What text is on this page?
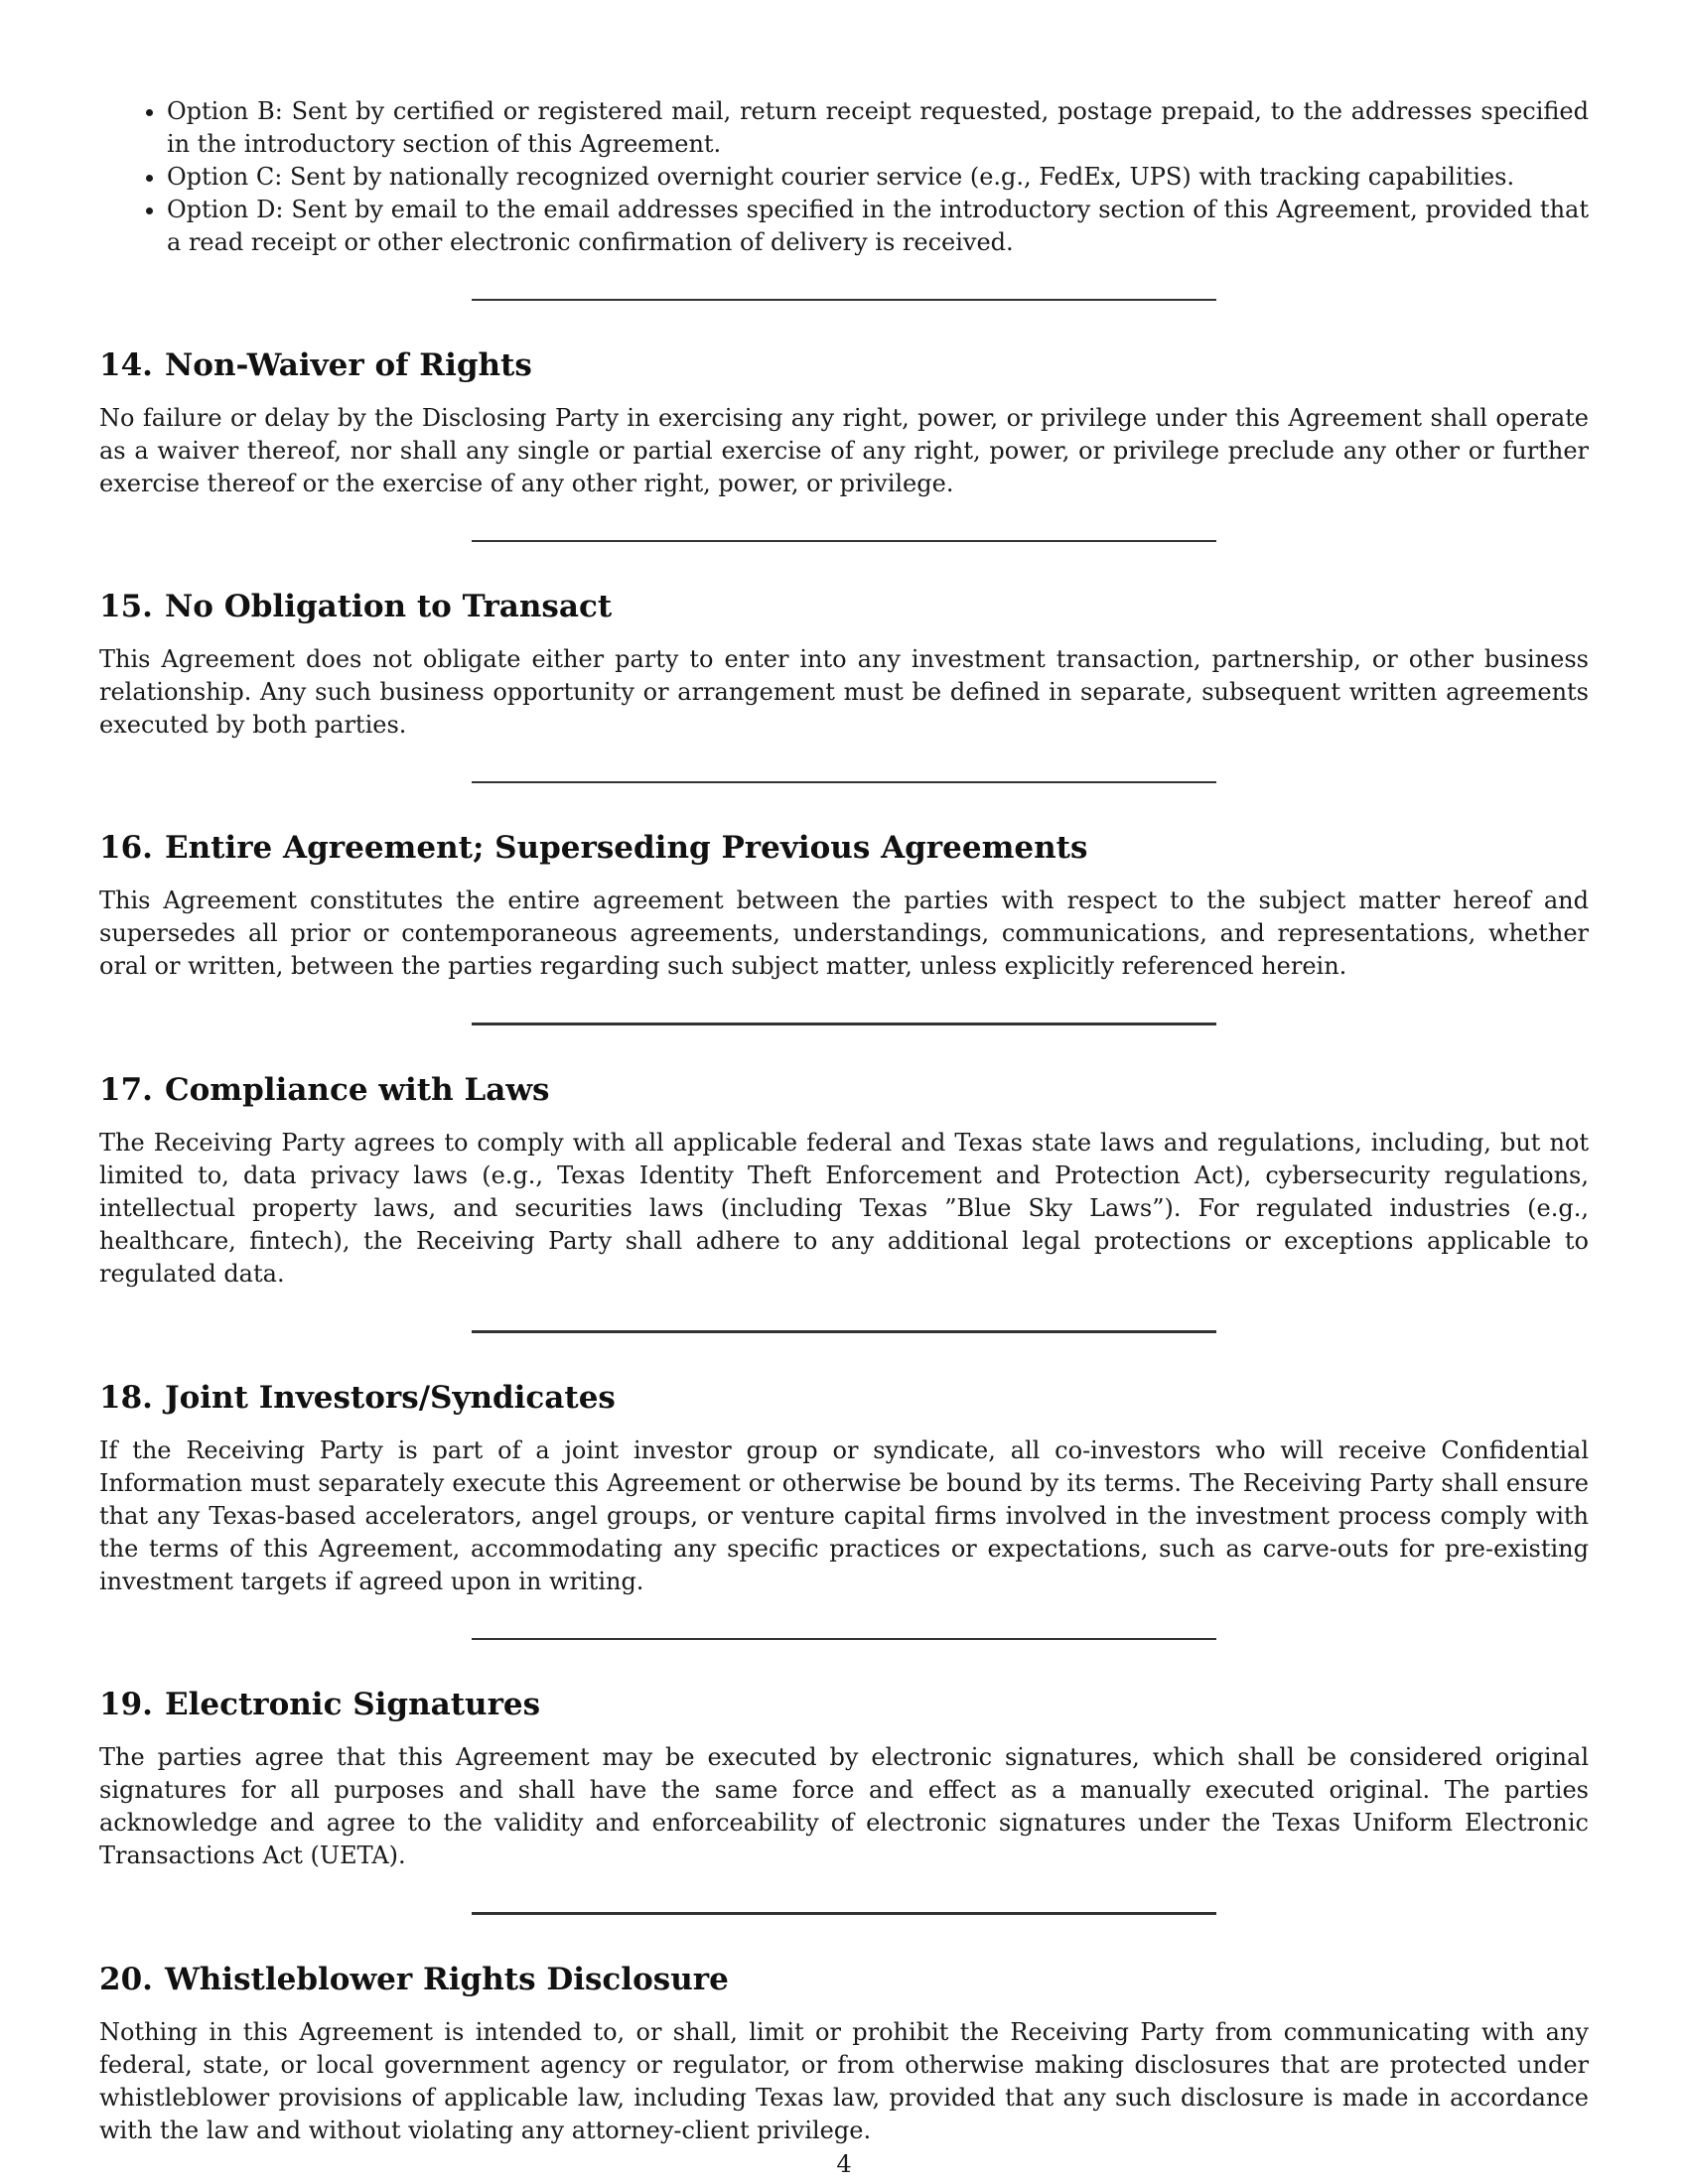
• Option B: Sent by certified or registered mail, return receipt requested, postage prepaid, to the addresses specified in the introductory section of this Agreement.
• Option C: Sent by nationally recognized overnight courier service (e.g., FedEx, UPS) with tracking capabilities.
• Option D: Sent by email to the email addresses specified in the introductory section of this Agreement, provided that a read receipt or other electronic confirmation of delivery is received.
14. Non-Waiver of Rights

No failure or delay by the Disclosing Party in exercising any right, power, or privilege under this Agreement shall operate as a waiver thereof, nor shall any single or partial exercise of any right, power, or privilege preclude any other or further exercise thereof or the exercise of any other right, power, or privilege.

15. No Obligation to Transact

This Agreement does not obligate either party to enter into any investment transaction, partnership, or other business relationship. Any such business opportunity or arrangement must be defined in separate, subsequent written agreements executed by both parties.

16. Entire Agreement; Superseding Previous Agreements

This Agreement constitutes the entire agreement between the parties with respect to the subject matter hereof and supersedes all prior or contemporaneous agreements, understandings, communications, and representations, whether oral or written, between the parties regarding such subject matter, unless explicitly referenced herein.

17. Compliance with Laws

The Receiving Party agrees to comply with all applicable federal and Texas state laws and regulations, including, but not limited to, data privacy laws (e.g., Texas Identity Theft Enforcement and Protection Act), cybersecurity regulations, intellectual property laws, and securities laws (including Texas ”Blue Sky Laws”). For regulated industries (e.g., healthcare, fintech), the Receiving Party shall adhere to any additional legal protections or exceptions applicable to regulated data.

18. Joint Investors/Syndicates

If the Receiving Party is part of a joint investor group or syndicate, all co-investors who will receive Confidential Information must separately execute this Agreement or otherwise be bound by its terms. The Receiving Party shall ensure that any Texas-based accelerators, angel groups, or venture capital firms involved in the investment process comply with the terms of this Agreement, accommodating any specific practices or expectations, such as carve-outs for pre-existing investment targets if agreed upon in writing.

19. Electronic Signatures

The parties agree that this Agreement may be executed by electronic signatures, which shall be considered original signatures for all purposes and shall have the same force and effect as a manually executed original. The parties acknowledge and agree to the validity and enforceability of electronic signatures under the Texas Uniform Electronic Transactions Act (UETA).

20. Whistleblower Rights Disclosure

Nothing in this Agreement is intended to, or shall, limit or prohibit the Receiving Party from communicating with any federal, state, or local government agency or regulator, or from otherwise making disclosures that are protected under whistleblower provisions of applicable law, including Texas law, provided that any such disclosure is made in accordance with the law and without violating any attorney-client privilege.

4
